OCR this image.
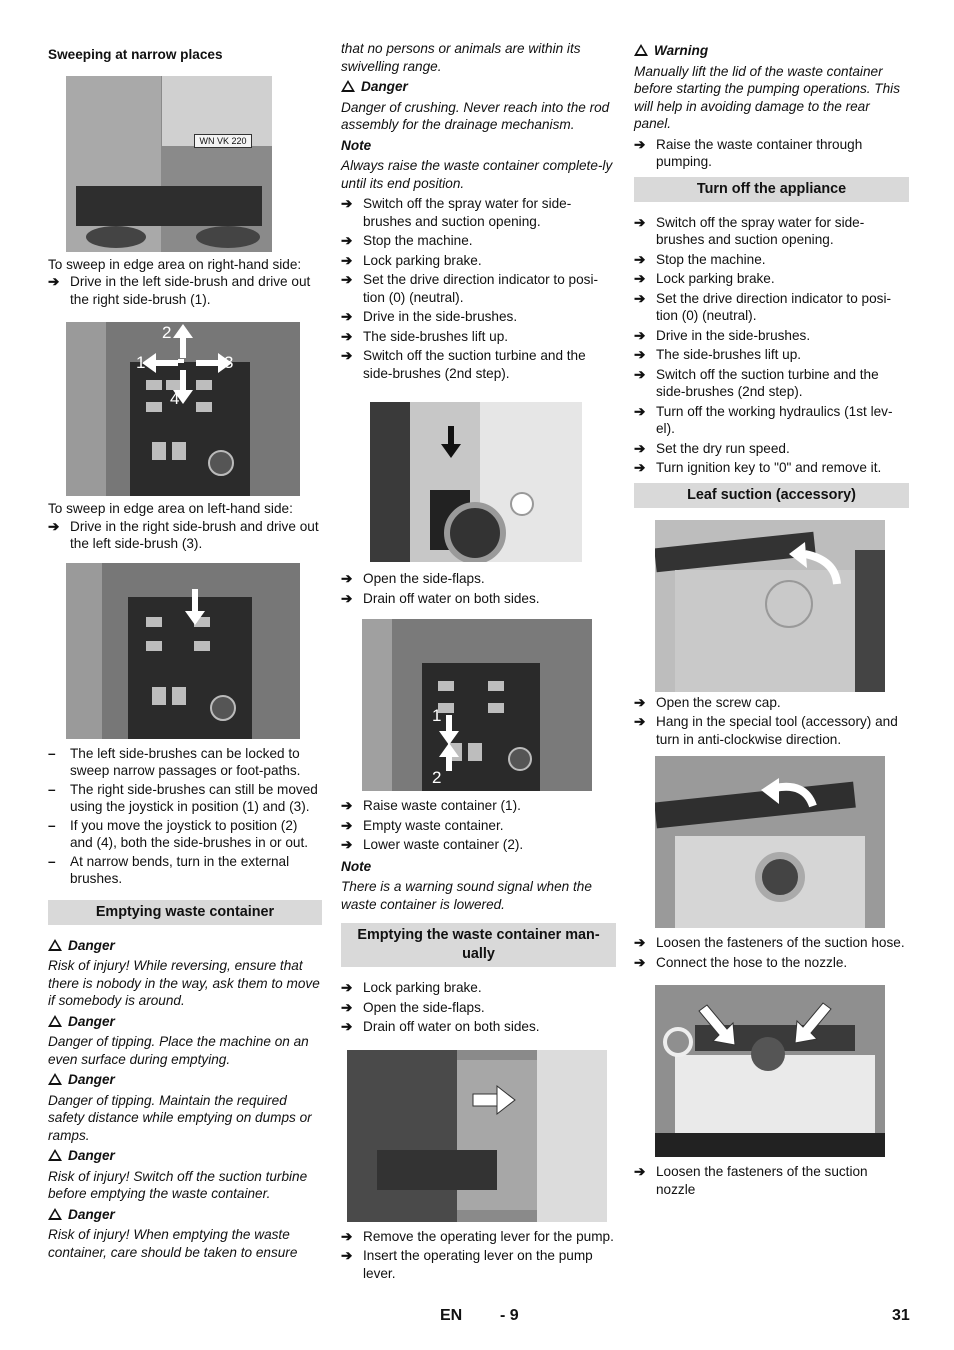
Sweeping at narrow places
WN VK 220
To sweep in edge area on right-hand side:
➔ Drive in the left side-brush and drive out the right side-brush (1).
2
1	3
4
To sweep in edge area on left-hand side:
➔ Drive in the right side-brush and drive out the left side-brush (3).
– The left side-brushes can be locked to sweep narrow passages or foot-paths.
– The right side-brushes can still be moved using the joystick in position (1) and (3).
– If you move the joystick to position (2) and (4), both the side-brushes in or out.
– At narrow bends, turn in the external brushes.
Emptying waste container
Danger
Risk of injury! While reversing, ensure that there is nobody in the way, ask them to move if somebody is around.
Danger
Danger of tipping. Place the machine on an even surface during emptying.
Danger
Danger of tipping. Maintain the required safety distance while emptying on dumps or ramps.
Danger
Risk of injury! Switch off the suction turbine before emptying the waste container.
Danger
Risk of injury! When emptying the waste container, care should be taken to ensure
that no persons or animals are within its swivelling range.
Danger
Danger of crushing. Never reach into the rod assembly for the drainage mechanism.
Note
Always raise the waste container complete-ly until its end position.
➔ Switch off the spray water for side-brushes and suction opening.
➔ Stop the machine.
➔ Lock parking brake.
➔ Set the drive direction indicator to posi-tion (0) (neutral).
➔ Drive in the side-brushes.
➔ The side-brushes lift up.
➔ Switch off the suction turbine and the side-brushes (2nd step).
➔ Open the side-flaps.
➔ Drain off water on both sides.
1
2
➔ Raise waste container (1).
➔ Empty waste container.
➔ Lower waste container (2).
Note
There is a warning sound signal when the waste container is lowered.
Emptying the waste container man-ually
➔ Lock parking brake.
➔ Open the side-flaps.
➔ Drain off water on both sides.
➔ Remove the operating lever for the pump.
➔ Insert the operating lever on the pump lever.
Warning
Manually lift the lid of the waste container before starting the pumping operations. This will help in avoiding damage to the rear panel.
➔ Raise the waste container through pumping.
Turn off the appliance
➔ Switch off the spray water for side-brushes and suction opening.
➔ Stop the machine.
➔ Lock parking brake.
➔ Set the drive direction indicator to posi-tion (0) (neutral).
➔ Drive in the side-brushes.
➔ The side-brushes lift up.
➔ Switch off the suction turbine and the side-brushes (2nd step).
➔ Turn off the working hydraulics (1st lev-el).
➔ Set the dry run speed.
➔ Turn ignition key to "0" and remove it.
Leaf suction (accessory)
➔ Open the screw cap.
➔ Hang in the special tool (accessory) and turn in anti-clockwise direction.
➔ Loosen the fasteners of the suction hose.
➔ Connect the hose to the nozzle.
➔ Loosen the fasteners of the suction nozzle
EN - 9	31
